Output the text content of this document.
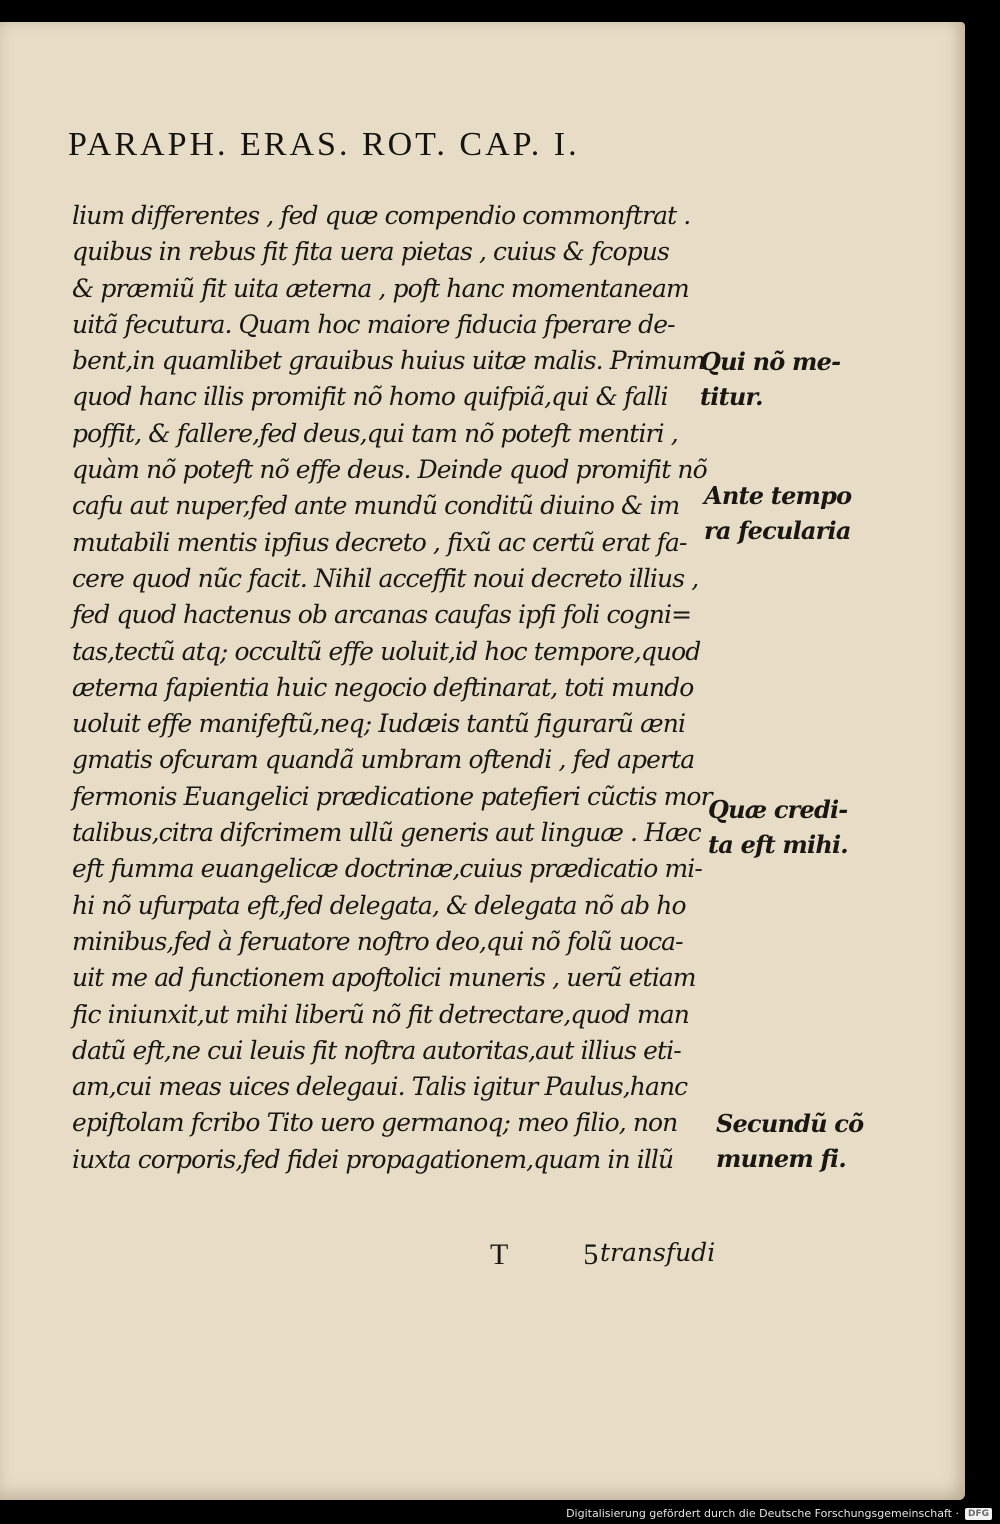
PARAPH. ERAS. ROT. CAP. I.
lium differentes , fed quæ compendio commonftrat .
quibus in rebus fit fita uera pietas , cuius & fcopus
& præmiũ fit uita æterna , poft hanc momentaneam
uitã fecutura. Quam hoc maiore fiducia fperare de-
bent,in quamlibet grauibus huius uitæ malis. Primum
quod hanc illis promifit nõ homo quifpiã,qui & falli
poffit, & fallere,fed deus,qui tam nõ poteft mentiri ,
quàm nõ poteft nõ effe deus. Deinde quod promifit nõ
cafu aut nuper,fed ante mundũ conditũ diuino & im
mutabili mentis ipfius decreto , fixũ ac certũ erat fa-
cere quod nũc facit. Nihil acceffit noui decreto illius ,
fed quod hactenus ob arcanas caufas ipfi foli cogni=
tas,tectũ atq; occultũ effe uoluit,id hoc tempore,quod
æterna fapientia huic negocio deftinarat, toti mundo
uoluit effe manifeftũ,neq; Iudæis tantũ figurarũ æni
gmatis ofcuram quandã umbram oftendi , fed aperta
fermonis Euangelici prædicatione patefieri cũctis mor
talibus,citra difcrimem ullũ generis aut linguæ . Hæc
eft fumma euangelicæ doctrinæ,cuius prædicatio mi-
hi nõ ufurpata eft,fed delegata, & delegata nõ ab ho
minibus,fed à feruatore noftro deo,qui nõ folũ uoca-
uit me ad functionem apoftolici muneris , uerũ etiam
fic iniunxit,ut mihi liberũ nõ fit detrectare,quod man
datũ eft,ne cui leuis fit noftra autoritas,aut illius eti-
am,cui meas uices delegaui. Talis igitur Paulus,hanc
epiftolam fcribo Tito uero germanoq; meo filio, non
iuxta corporis,fed fidei propagationem,quam in illũ
Qui nõ me-
titur.
Ante tempo
ra fecularia
Quæ credi-
ta eft mihi.
Secundũ cõ
munem fi.
T 5
transfudi
Digitalisierung gefördert durch die Deutsche Forschungsgemeinschaft ·	DFG
